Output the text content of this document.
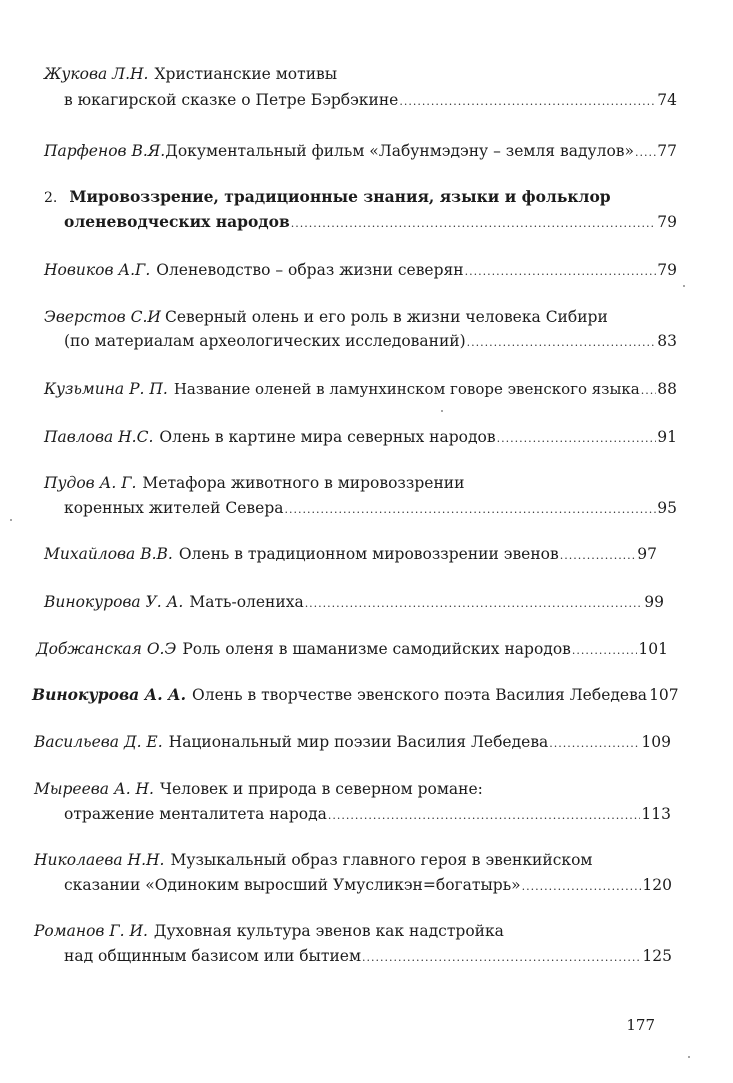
Жукова Л.Н. Христианские мотивы
в юкагирской сказке о Петре Бэрбэкине .....	74
Парфенов В.Я. Документальный фильм «Лабунмэдэну – земля вадулов» ..... 77
2. Мировоззрение, традиционные знания, языки и фольклор
оленеводческих народов .....	79
Новиков А.Г. Оленеводство – образ жизни северян .....	79
Эверстов С.И Северный олень и его роль в жизни человека Сибири
(по материалам археологических исследований) .....	83
Кузьмина Р. П. Название оленей в ламунхинском говоре эвенского языка ..... 88
Павлова Н.С. Олень в картине мира северных народов .....	91
Пудов А. Г. Метафора животного в мировоззрении
коренных жителей Севера .....	95
Михайлова В.В. Олень в традиционном мировоззрении эвенов .....	97
Винокурова У. А. Мать-олениха .....	99
Добжанская О.Э Роль оленя в шаманизме самодийских народов .....	101
Винокурова А. А. Олень в творчестве эвенского поэта Василия Лебедева 107
Васильева Д. Е. Национальный мир поэзии Василия Лебедева .....	109
Мыреева А. Н. Человек и природа в северном романе:
отражение менталитета народа .....	113
Николаева Н.Н. Музыкальный образ главного героя в эвенкийском
сказании «Одиноким выросший Умусликэн=богатырь» .....	120
Романов Г. И. Духовная культура эвенов как надстройка
над общинным базисом или бытием .....	125
177
